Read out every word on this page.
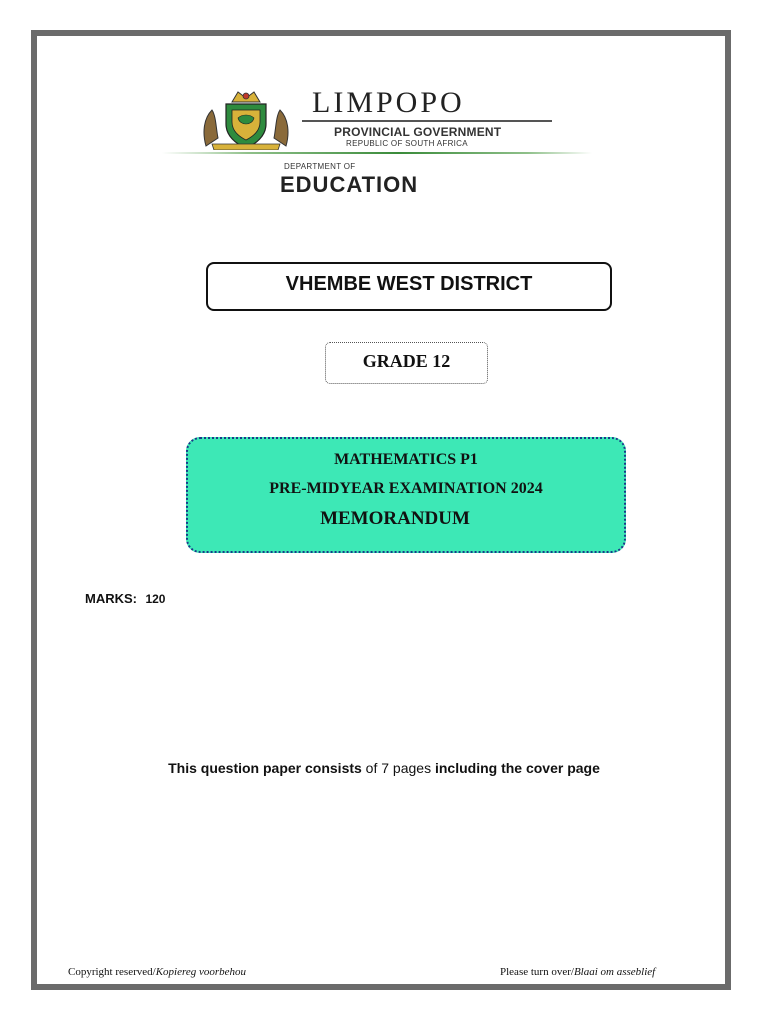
LIMPOPO
PROVINCIAL GOVERNMENT
REPUBLIC OF SOUTH AFRICA
DEPARTMENT OF
EDUCATION
VHEMBE WEST DISTRICT
GRADE 12
MATHEMATICS P1
PRE-MIDYEAR EXAMINATION 2024
MEMORANDUM
MARKS: 120
This question paper consists of 7 pages including the cover page
Copyright reserved/Kopiereg voorbehou	Please turn over/Blaai om asseblief
